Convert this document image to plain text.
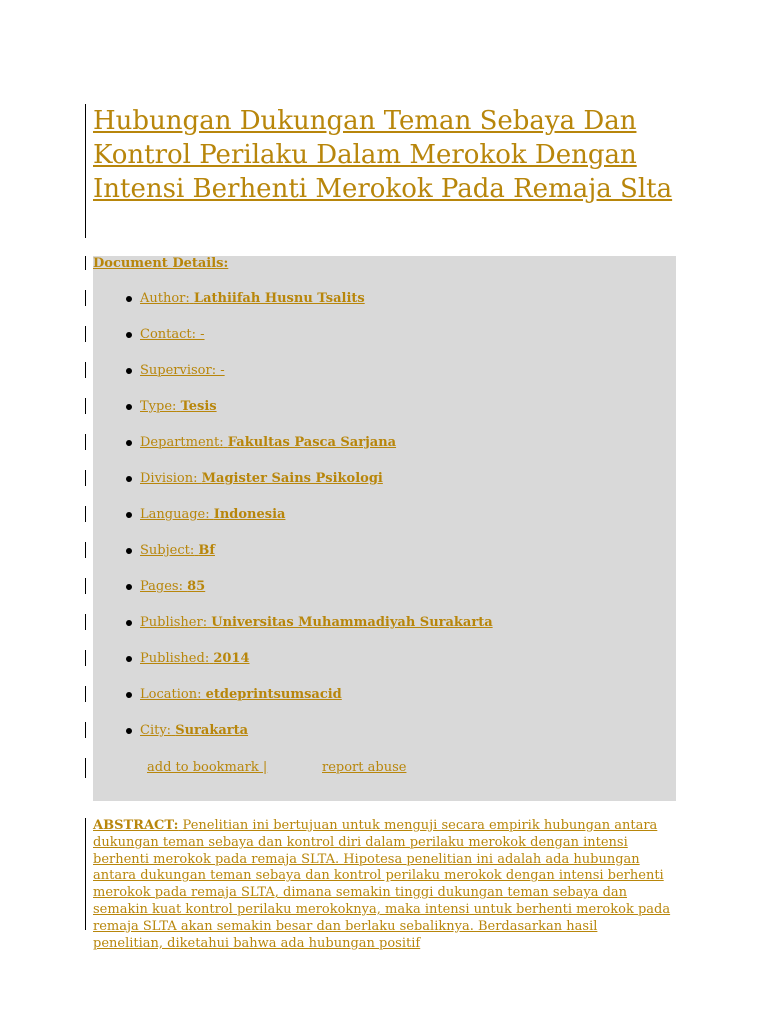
Hubungan Dukungan Teman Sebaya Dan Kontrol Perilaku Dalam Merokok Dengan Intensi Berhenti Merokok Pada Remaja Slta
Document Details:
Author: Lathiifah Husnu Tsalits
Contact: -
Supervisor: -
Type: Tesis
Department: Fakultas Pasca Sarjana
Division: Magister Sains Psikologi
Language: Indonesia
Subject: Bf
Pages: 85
Publisher: Universitas Muhammadiyah Surakarta
Published: 2014
Location: etdeprintsumsacid
City: Surakarta
add to bookmark |	report abuse

ABSTRACT: Penelitian ini bertujuan untuk menguji secara empirik hubungan antara dukungan teman sebaya dan kontrol diri dalam perilaku merokok dengan intensi berhenti merokok pada remaja SLTA. Hipotesa penelitian ini adalah ada hubungan antara dukungan teman sebaya dan kontrol perilaku merokok dengan intensi berhenti merokok pada remaja SLTA, dimana semakin tinggi dukungan teman sebaya dan semakin kuat kontrol perilaku merokoknya, maka intensi untuk berhenti merokok pada remaja SLTA akan semakin besar dan berlaku sebaliknya. Berdasarkan hasil penelitian, diketahui bahwa ada hubungan positif
